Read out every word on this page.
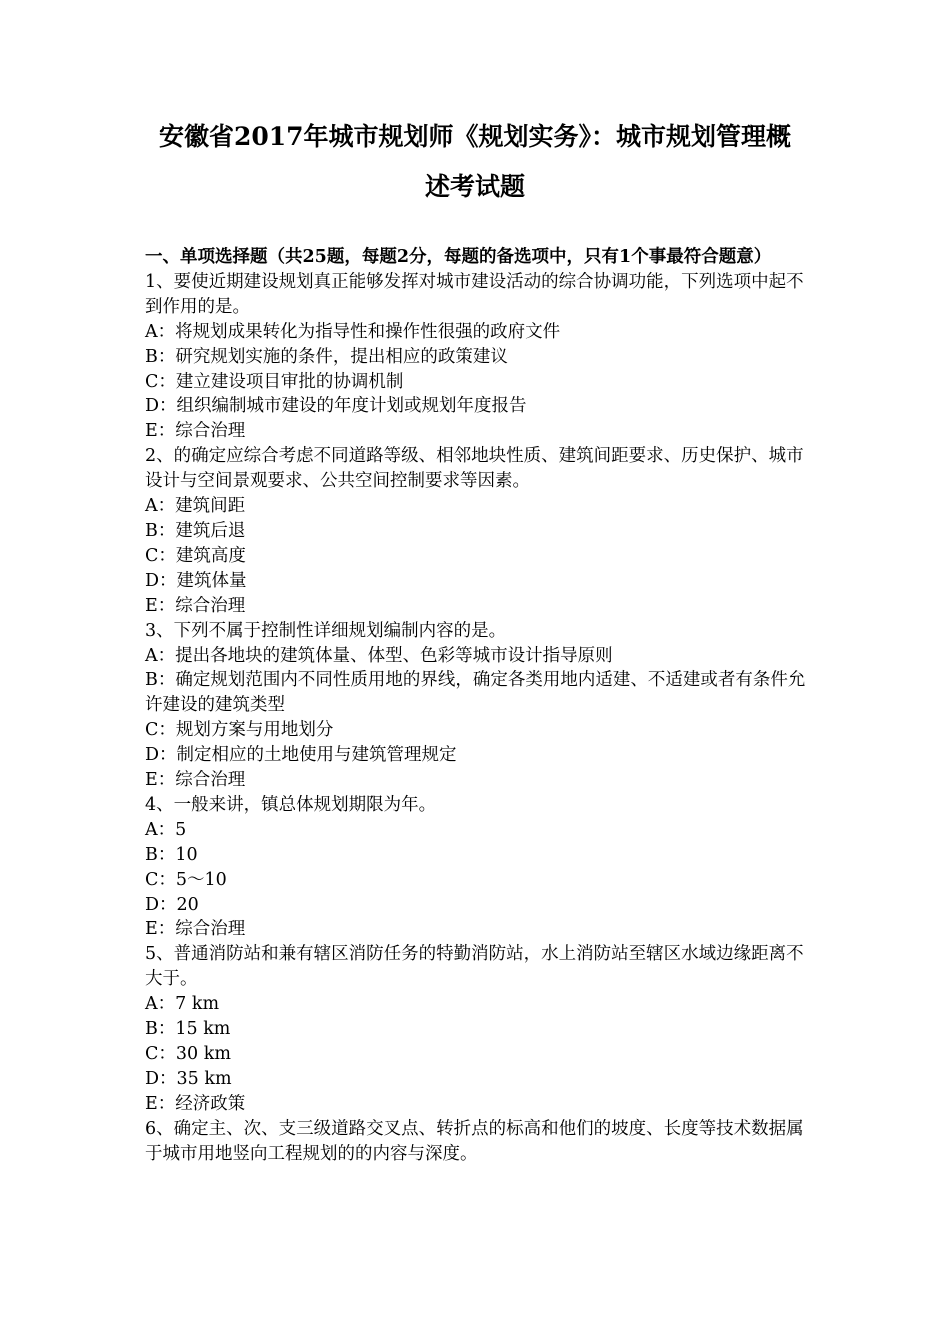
安徽省2017年城市规划师《规划实务》：城市规划管理概
述考试题

一、单项选择题（共25题，每题2分，每题的备选项中，只有1个事最符合题意）

1、要使近期建设规划真正能够发挥对城市建设活动的综合协调功能，下列选项中起不到作用的是。

A：将规划成果转化为指导性和操作性很强的政府文件

B：研究规划实施的条件，提出相应的政策建议

C：建立建设项目审批的协调机制

D：组织编制城市建设的年度计划或规划年度报告

E：综合治理

2、的确定应综合考虑不同道路等级、相邻地块性质、建筑间距要求、历史保护、城市设计与空间景观要求、公共空间控制要求等因素。

A：建筑间距

B：建筑后退

C：建筑高度

D：建筑体量

E：综合治理

3、下列不属于控制性详细规划编制内容的是。

A：提出各地块的建筑体量、体型、色彩等城市设计指导原则

B：确定规划范围内不同性质用地的界线，确定各类用地内适建、不适建或者有条件允许建设的建筑类型

C：规划方案与用地划分

D：制定相应的土地使用与建筑管理规定

E：综合治理

4、一般来讲，镇总体规划期限为年。

A：5

B：10

C：5～10

D：20

E：综合治理

5、普通消防站和兼有辖区消防任务的特勤消防站，水上消防站至辖区水域边缘距离不大于。

A：7 km

B：15 km

C：30 km

D：35 km

E：经济政策

6、确定主、次、支三级道路交叉点、转折点的标高和他们的坡度、长度等技术数据属于城市用地竖向工程规划的的内容与深度。
